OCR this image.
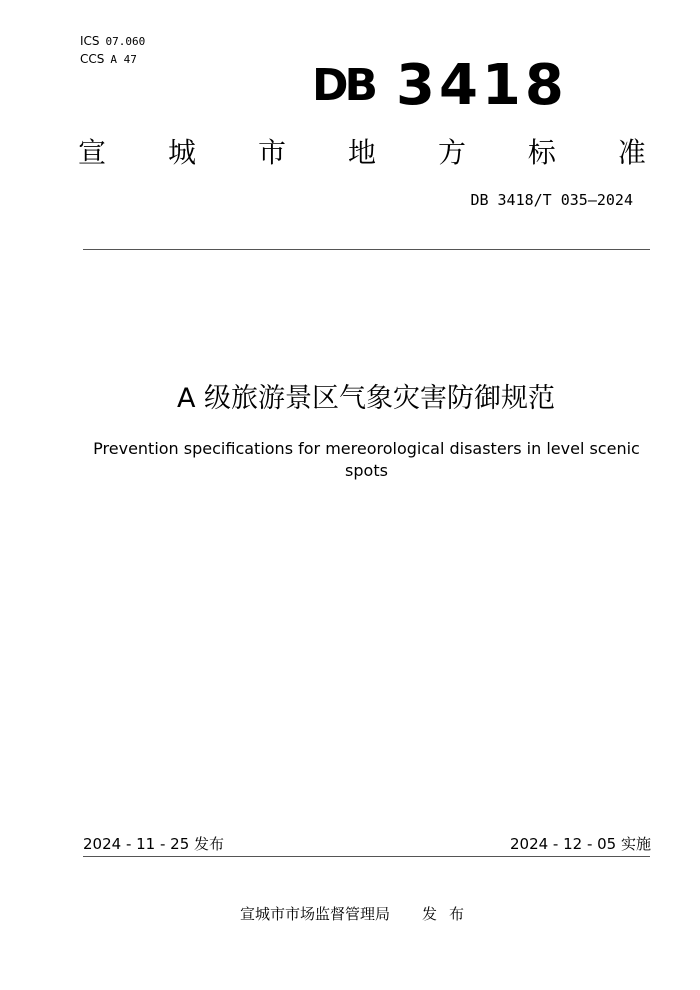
ICS 07.060
CCS A 47
DB 3418
宣 城 市 地 方 标 准
DB 3418/T 035—2024
A 级旅游景区气象灾害防御规范
Prevention specifications for mereorological disasters in level scenic spots
2024 - 11 - 25 发布	2024 - 12 - 05 实施
宣城市市场监督管理局 发布
